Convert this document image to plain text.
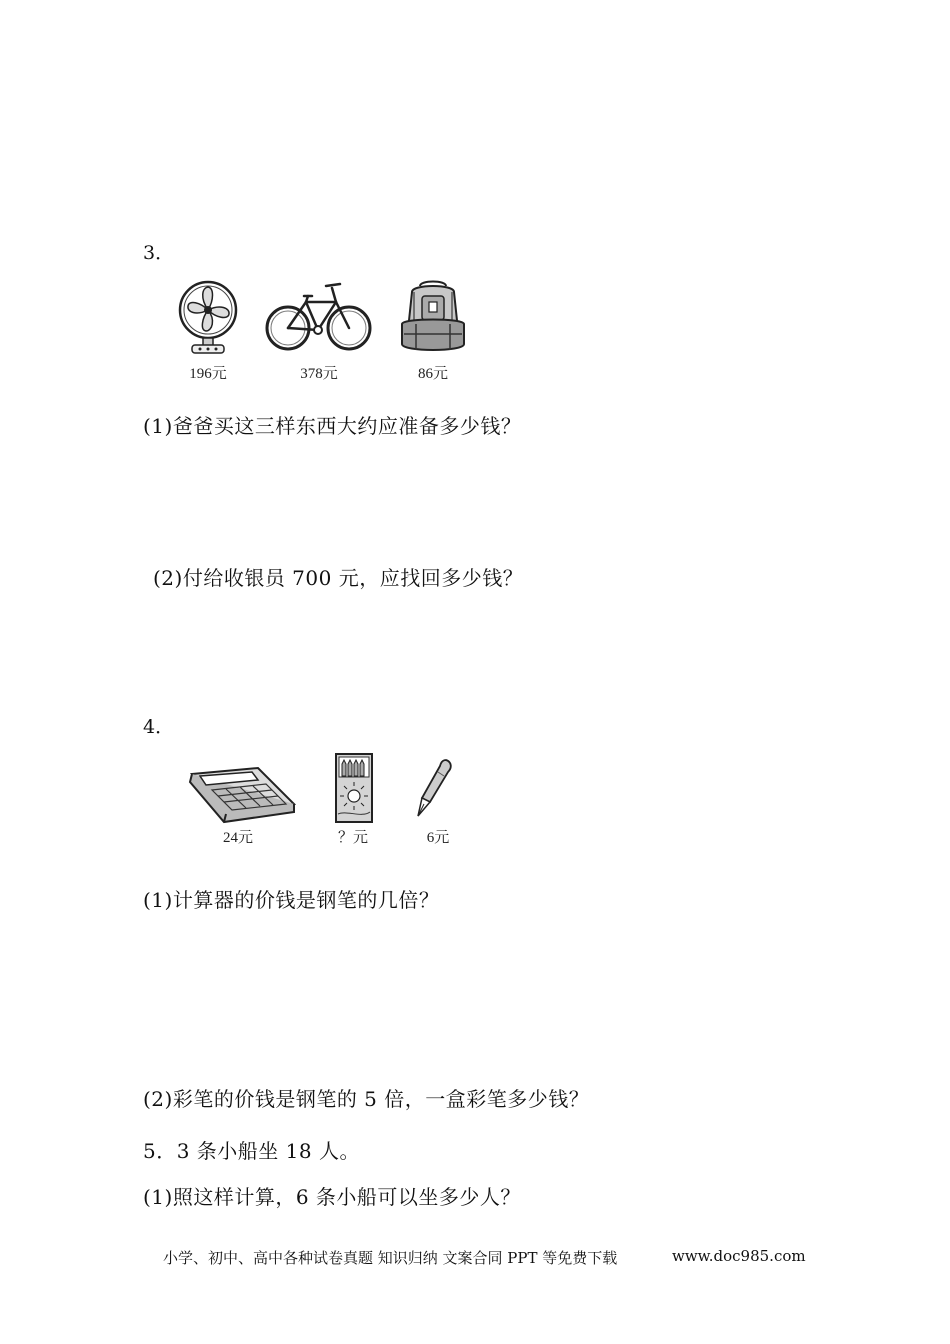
3．
196元	378元	86元
(1)爸爸买这三样东西大约应准备多少钱？
(2)付给收银员 700 元，应找回多少钱？
4．
24元	？元	6元
(1)计算器的价钱是钢笔的几倍？
(2)彩笔的价钱是钢笔的 5 倍，一盒彩笔多少钱？
5．3 条小船坐 18 人。
(1)照这样计算，6 条小船可以坐多少人？
小学、初中、高中各种试卷真题 知识归纳 文案合同 PPT 等免费下载	www.doc985.com
